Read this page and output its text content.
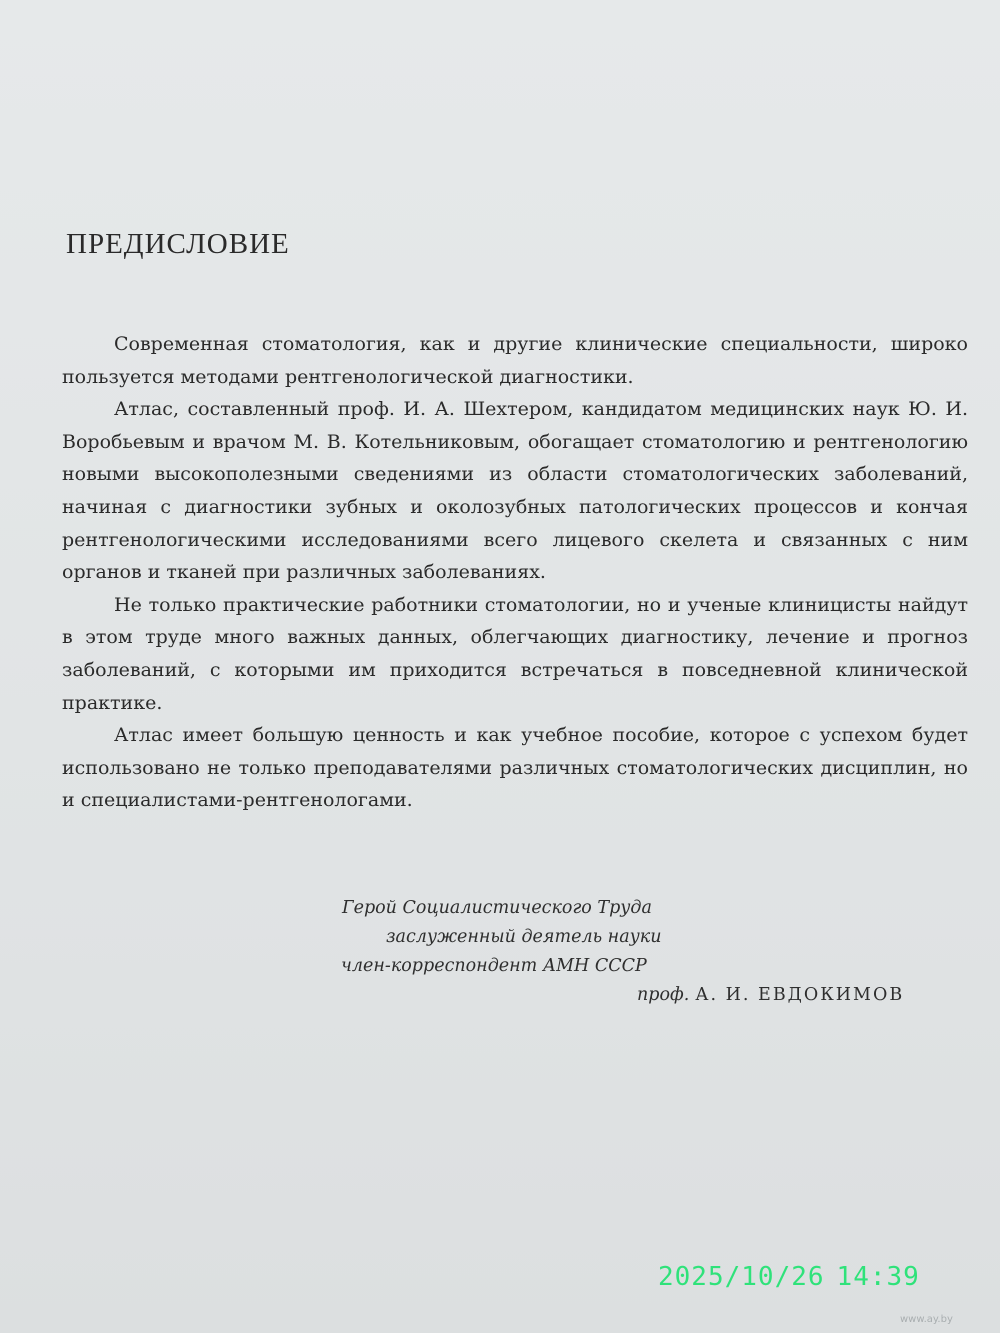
ПРЕДИСЛОВИЕ

Современная стоматология, как и другие клинические специальности, широко пользуется методами рентгенологической диагностики.

Атлас, составленный проф. И. А. Шехтером, кандидатом медицинских наук Ю. И. Воробьевым и врачом М. В. Котельниковым, обогащает стоматологию и рентгенологию новыми высокополезными сведениями из области стоматологических заболеваний, начиная с диагностики зубных и околозубных патологических процессов и кончая рентгенологическими исследованиями всего лицевого скелета и связанных с ним органов и тканей при различных заболеваниях.

Не только практические работники стоматологии, но и ученые клиницисты найдут в этом труде много важных данных, облегчающих диагностику, лечение и прогноз заболеваний, с которыми им приходится встречаться в повседневной клинической практике.

Атлас имеет большую ценность и как учебное пособие, которое с успехом будет использовано не только преподавателями различных стоматологических дисциплин, но и специалистами-рентгенологами.

Герой Социалистического Труда
заслуженный деятель науки
член-корреспондент АМН СССР
проф. А. И. ЕВДОКИМОВ
2025/10/26 14:39
www.ay.by
